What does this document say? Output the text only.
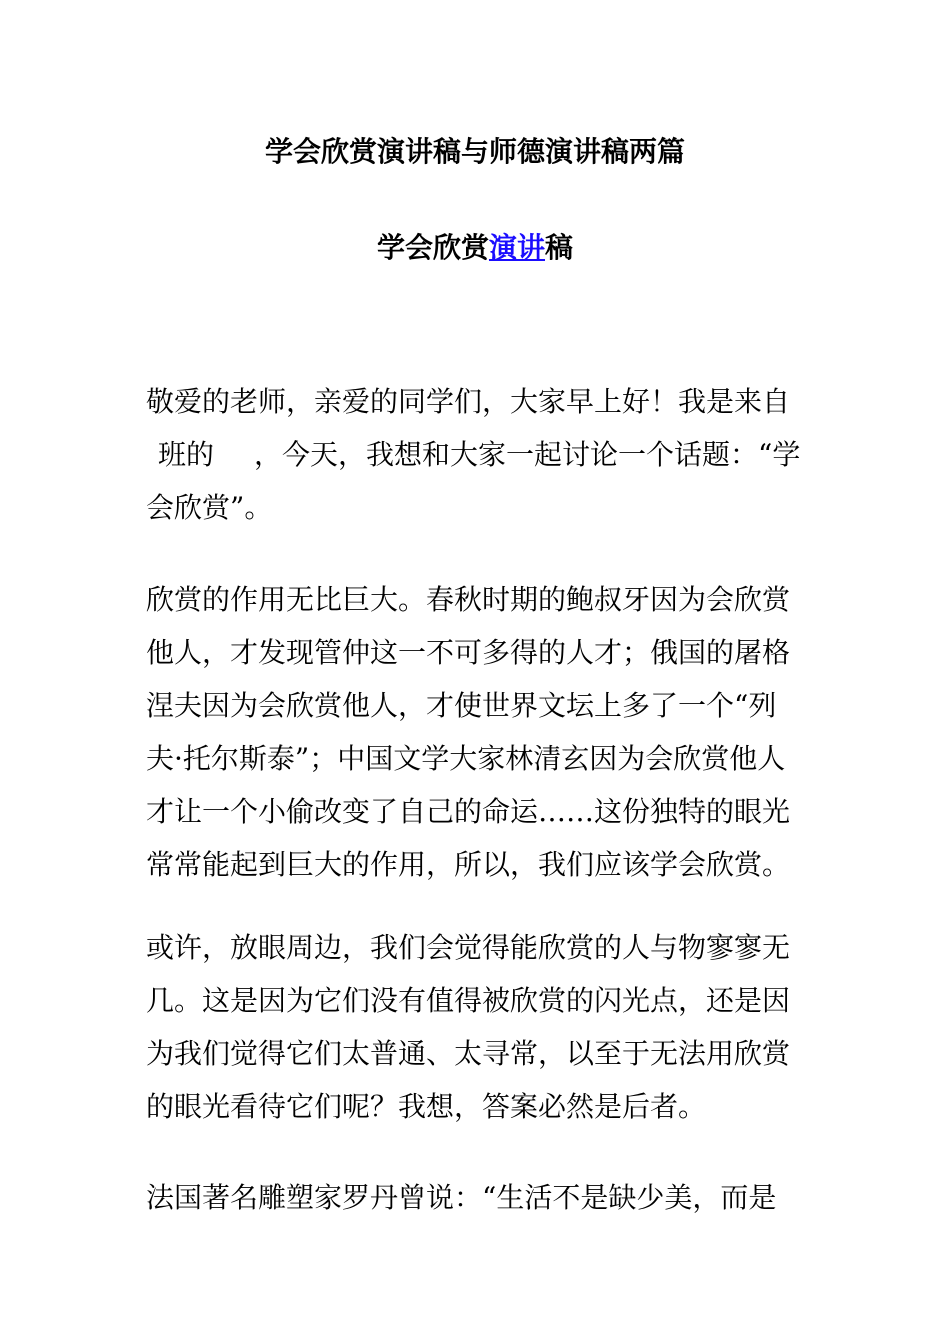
学会欣赏演讲稿与师德演讲稿两篇
学会欣赏演讲稿

敬爱的老师，亲爱的同学们，大家早上好！我是来自
班的 ，今天，我想和大家一起讨论一个话题：“学
会欣赏”。

欣赏的作用无比巨大。春秋时期的鲍叔牙因为会欣赏
他人，才发现管仲这一不可多得的人才；俄国的屠格
涅夫因为会欣赏他人，才使世界文坛上多了一个“列
夫·托尔斯泰”；中国文学大家林清玄因为会欣赏他人
才让一个小偷改变了自己的命运……这份独特的眼光
常常能起到巨大的作用，所以，我们应该学会欣赏。

或许，放眼周边，我们会觉得能欣赏的人与物寥寥无
几。这是因为它们没有值得被欣赏的闪光点，还是因
为我们觉得它们太普通、太寻常，以至于无法用欣赏
的眼光看待它们呢？我想，答案必然是后者。

法国著名雕塑家罗丹曾说：“生活不是缺少美，而是
